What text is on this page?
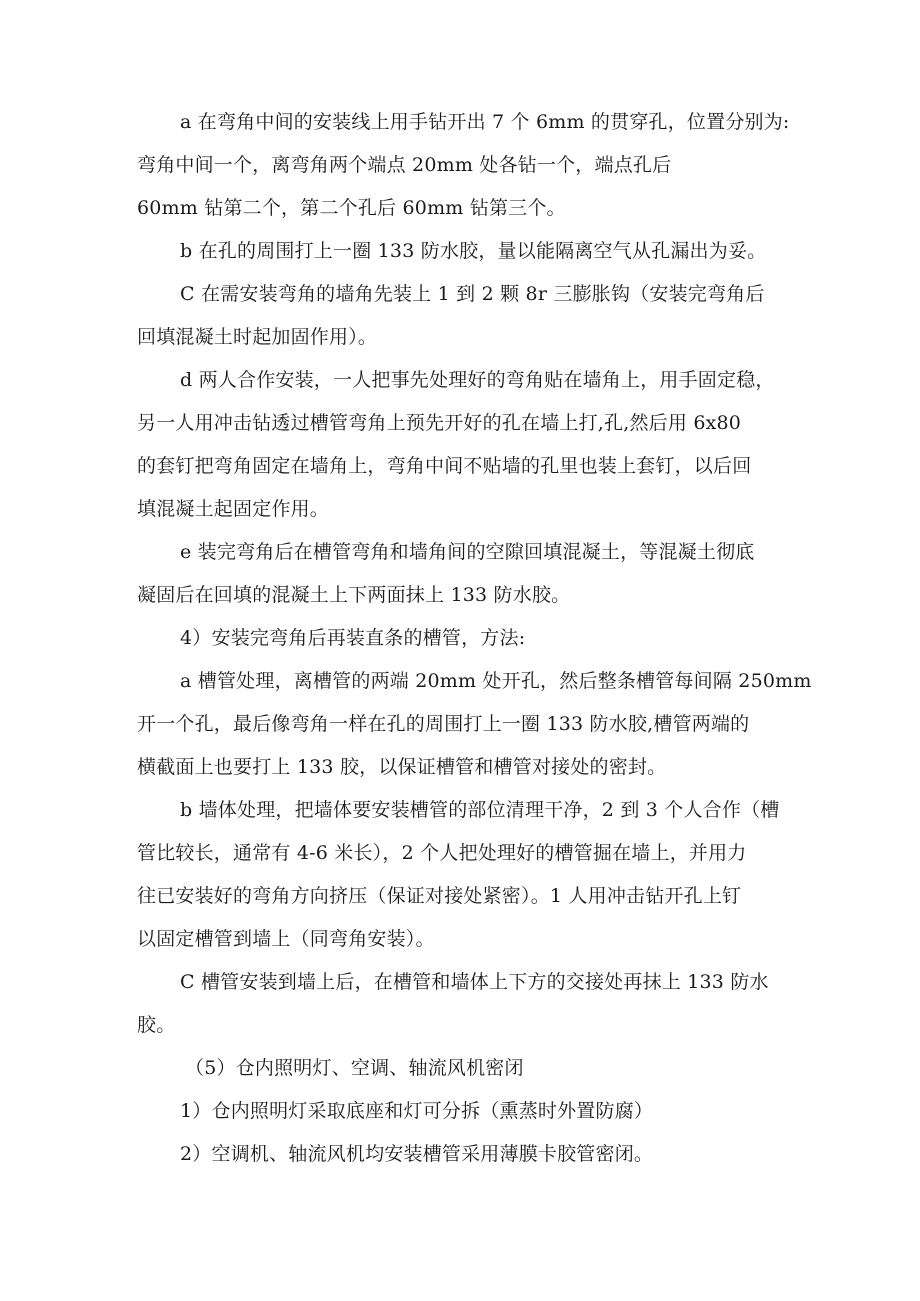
a 在弯角中间的安装线上用手钻开出 7 个 6mm 的贯穿孔，位置分别为:
弯角中间一个，离弯角两个端点 20mm 处各钻一个，端点孔后
60mm 钻第二个，第二个孔后 60mm 钻第三个。
b 在孔的周围打上一圈 133 防水胶，量以能隔离空气从孔漏出为妥。
C 在需安装弯角的墙角先装上 1 到 2 颗 8r 三膨胀钩（安装完弯角后
回填混凝土时起加固作用）。
d 两人合作安装，一人把事先处理好的弯角贴在墙角上，用手固定稳，
另一人用冲击钻透过槽管弯角上预先开好的孔在墙上打,孔,然后用 6x80
的套钉把弯角固定在墙角上，弯角中间不贴墙的孔里也装上套钉，以后回
填混凝土起固定作用。
e 装完弯角后在槽管弯角和墙角间的空隙回填混凝土，等混凝土彻底
凝固后在回填的混凝土上下两面抹上 133 防水胶。
4）安装完弯角后再装直条的槽管，方法:
a 槽管处理，离槽管的两端 20mm 处开孔，然后整条槽管每间隔 250mm
开一个孔，最后像弯角一样在孔的周围打上一圈 133 防水胶,槽管两端的
横截面上也要打上 133 胶，以保证槽管和槽管对接处的密封。
b 墙体处理，把墙体要安装槽管的部位清理干净，2 到 3 个人合作（槽
管比较长，通常有 4-6 米长），2 个人把处理好的槽管掘在墙上，并用力
往已安装好的弯角方向挤压（保证对接处紧密）。1 人用冲击钻开孔上钉
以固定槽管到墙上（同弯角安装）。
C 槽管安装到墙上后，在槽管和墙体上下方的交接处再抹上 133 防水
胶。
（5）仓内照明灯、空调、轴流风机密闭
1）仓内照明灯采取底座和灯可分拆（熏蒸时外置防腐）
2）空调机、轴流风机均安装槽管采用薄膜卡胶管密闭。
